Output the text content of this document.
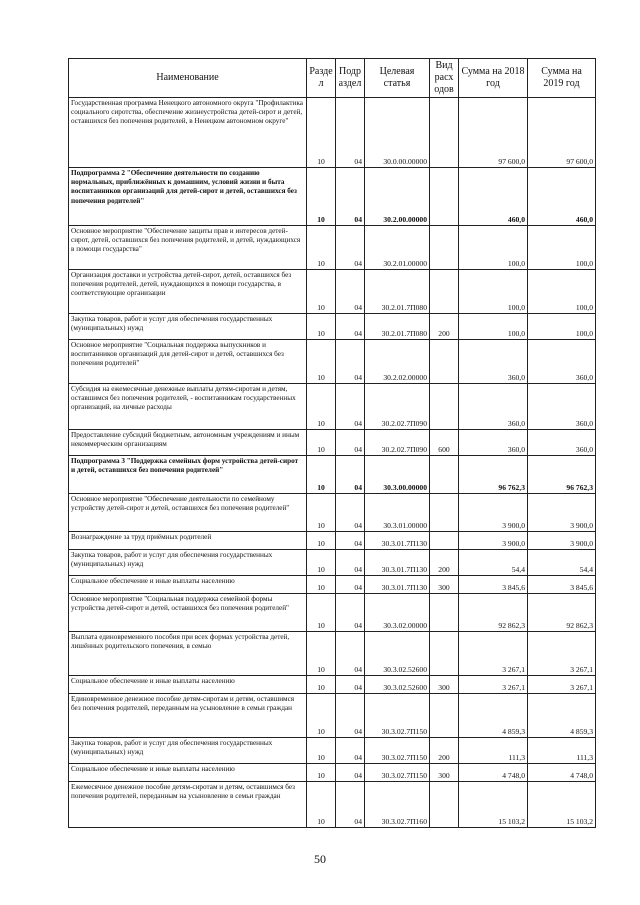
Наименование	Разде л	Подр аздел	Целевая статья	Вид расх одов	Сумма на 2018 год	Сумма на 2019 год
Государственная программа Ненецкого автономного округа "Профилактика социального сиротства, обеспечение жизнеустройства детей-сирот и детей, оставшихся без попечения родителей, в Ненецком автономном округе"	10	04	30.0.00.00000		97 600,0	97 600,0
Подпрограмма 2 "Обеспечение деятельности по созданию нормальных, приближённых к домашним, условий жизни и быта воспитанников организаций для детей-сирот и детей, оставшихся без попечения родителей"	10	04	30.2.00.00000		460,0	460,0
Основное мероприятие "Обеспечение защиты прав и интересов детей-сирот, детей, оставшихся без попечения родителей, и детей, нуждающихся в помощи государства"	10	04	30.2.01.00000		100,0	100,0
Организация доставки и устройства детей-сирот, детей, оставшихся без попечения родителей, детей, нуждающихся в помощи государства, в соответствующие организации	10	04	30.2.01.7П080		100,0	100,0
Закупка товаров, работ и услуг для обеспечения государственных (муниципальных) нужд	10	04	30.2.01.7П080	200	100,0	100,0
Основное мероприятие "Социальная поддержка выпускников и воспитанников организаций для детей-сирот и детей, оставшихся без попечения родителей"	10	04	30.2.02.00000		360,0	360,0
Субсидия на ежемесячные денежные выплаты детям-сиротам и детям, оставшимся без попечения родителей, - воспитанникам государственных организаций, на личные расходы	10	04	30.2.02.7П090		360,0	360,0
Предоставление субсидий бюджетным, автономным учреждениям и иным некоммерческим организациям	10	04	30.2.02.7П090	600	360,0	360,0
Подпрограмма 3 "Поддержка семейных форм устройства детей-сирот и детей, оставшихся без попечения родителей"	10	04	30.3.00.00000		96 762,3	96 762,3
Основное мероприятие "Обеспечение деятельности по семейному устройству детей-сирот и детей, оставшихся без попечения родителей"	10	04	30.3.01.00000		3 900,0	3 900,0
Вознаграждение за труд приёмных родителей	10	04	30.3.01.7П130		3 900,0	3 900,0
Закупка товаров, работ и услуг для обеспечения государственных (муниципальных) нужд	10	04	30.3.01.7П130	200	54,4	54,4
Социальное обеспечение и иные выплаты населению	10	04	30.3.01.7П130	300	3 845,6	3 845,6
Основное мероприятие "Социальная поддержка семейной формы устройства детей-сирот и детей, оставшихся без попечения родителей"	10	04	30.3.02.00000		92 862,3	92 862,3
Выплата единовременного пособия при всех формах устройства детей, лишённых родительского попечения, в семью	10	04	30.3.02.52600		3 267,1	3 267,1
Социальное обеспечение и иные выплаты населению	10	04	30.3.02.52600	300	3 267,1	3 267,1
Единовременное денежное пособие детям-сиротам и детям, оставшимся без попечения родителей, переданным на усыновление в семьи граждан	10	04	30.3.02.7П150		4 859,3	4 859,3
Закупка товаров, работ и услуг для обеспечения государственных (муниципальных) нужд	10	04	30.3.02.7П150	200	111,3	111,3
Социальное обеспечение и иные выплаты населению	10	04	30.3.02.7П150	300	4 748,0	4 748,0
Ежемесячное денежное пособие детям-сиротам и детям, оставшимся без попечения родителей, переданным на усыновление в семьи граждан	10	04	30.3.02.7П160		15 103,2	15 103,2
50
